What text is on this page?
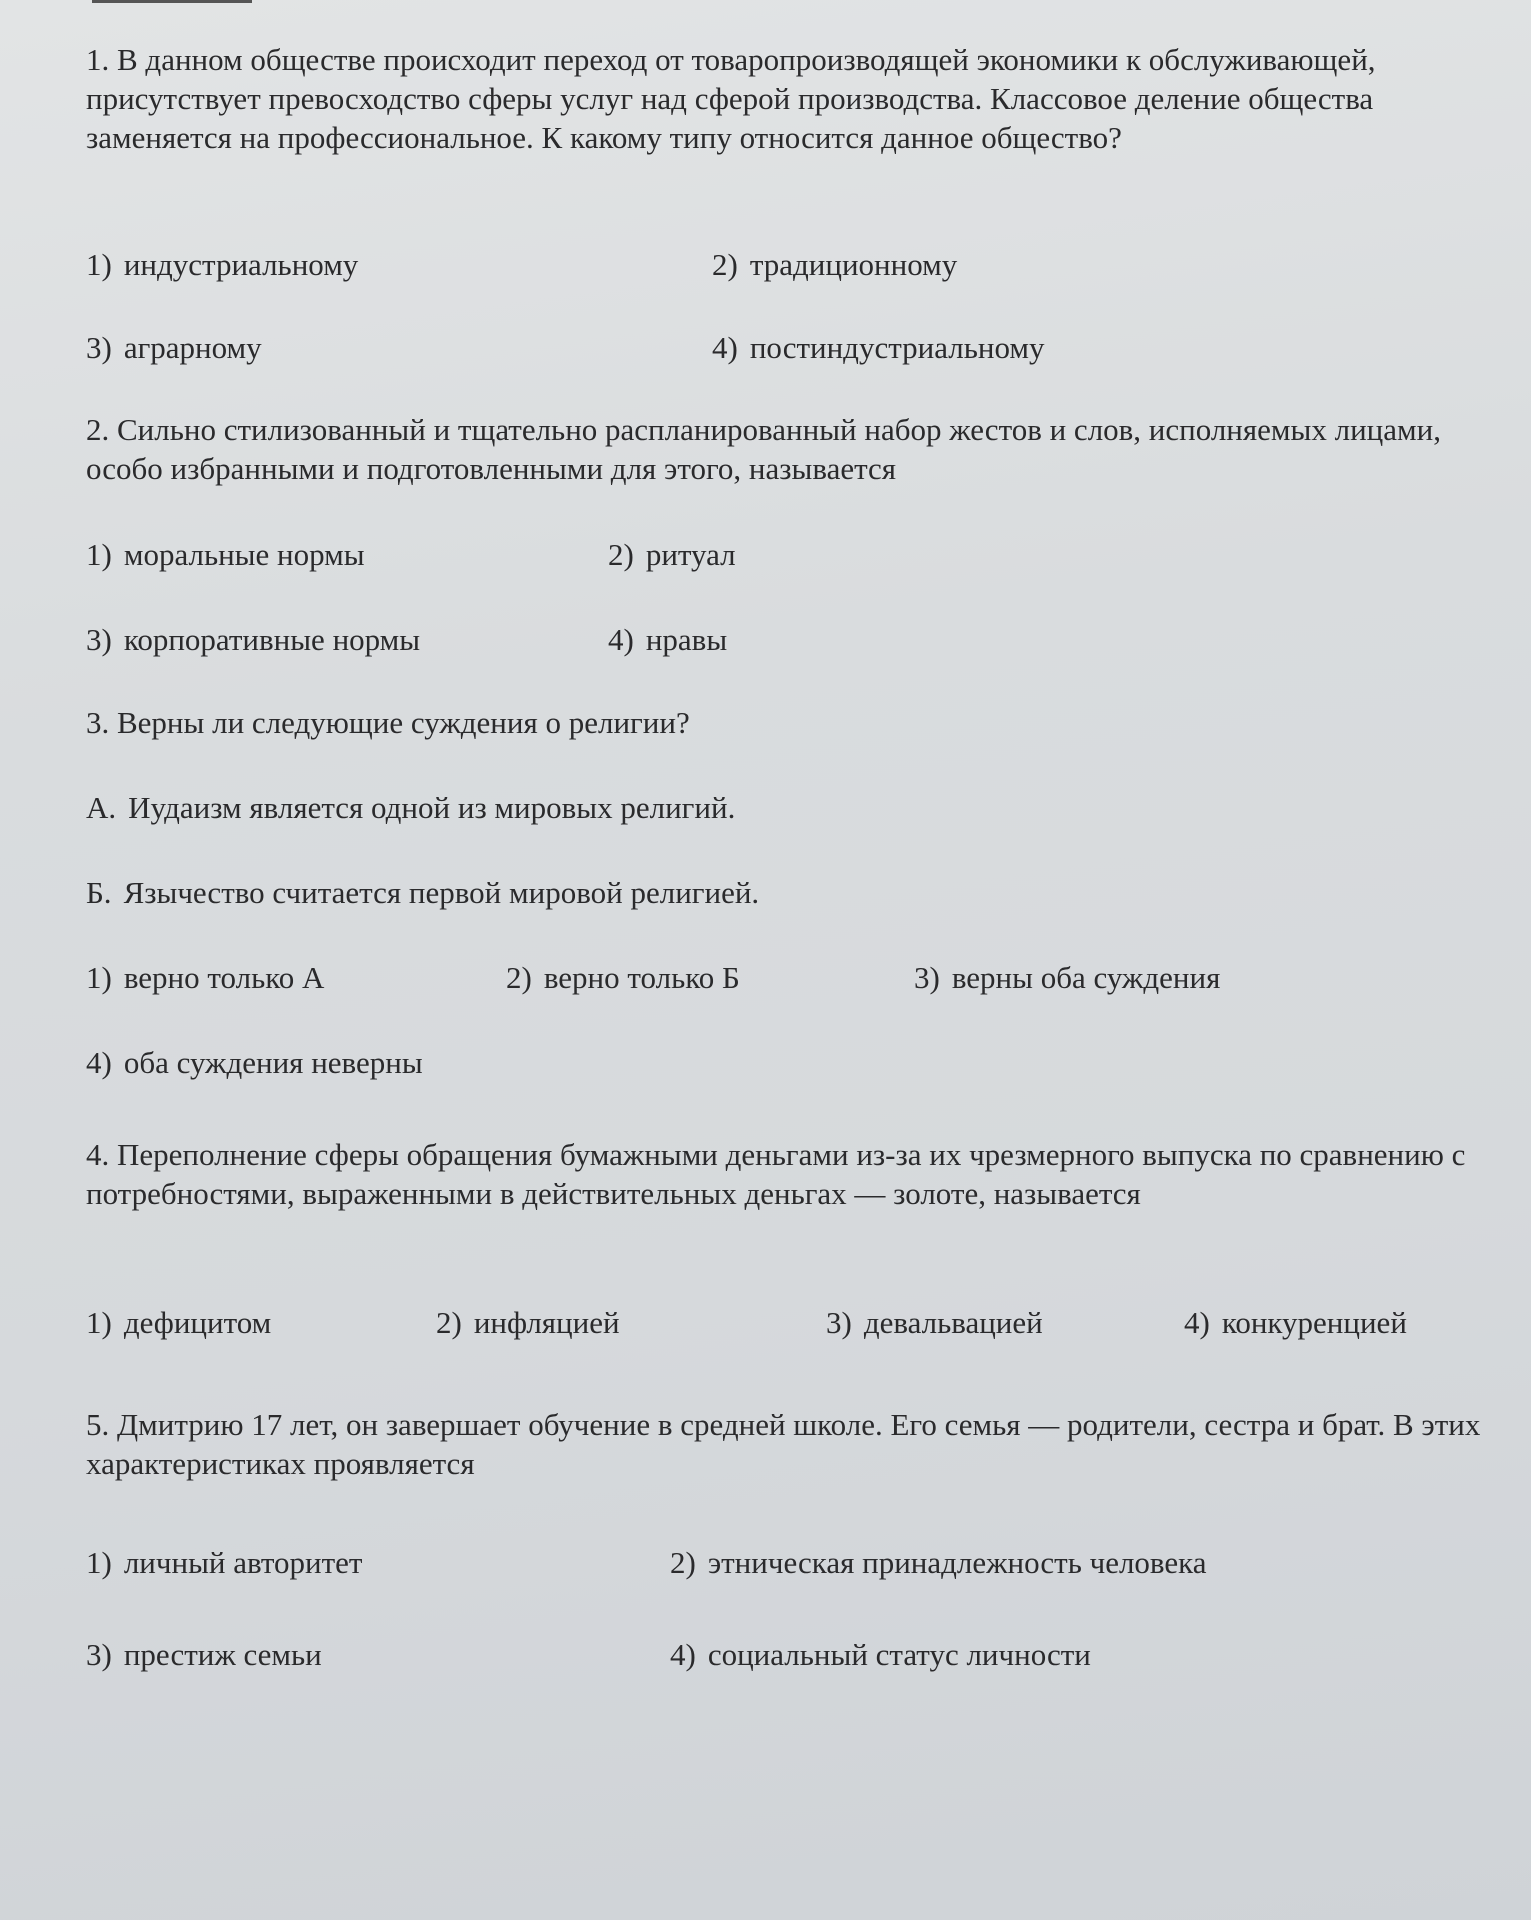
1. В данном обществе происходит переход от товаропроизводящей экономики к обслуживающей, присутствует превосходство сферы услуг над сферой производства. Классовое деление общества заменяется на профессиональное. К какому типу относится данное общество?

1) индустриальному	2) традиционному
3) аграрному	4) постиндустриальному

2. Сильно стилизованный и тщательно распланированный набор жестов и слов, исполняемых лицами, особо избранными и подготовленными для этого, называется

1) моральные нормы	2) ритуал
3) корпоративные нормы	4) нравы

3. Верны ли следующие суждения о религии?

А. Иудаизм является одной из мировых религий.
Б. Язычество считается первой мировой религией.
1) верно только А	2) верно только Б	3) верны оба суждения
4) оба суждения неверны

4. Переполнение сферы обращения бумажными деньгами из-за их чрезмерного выпуска по сравнению с потребностями, выраженными в действительных деньгах — золоте, называется

1) дефицитом	2) инфляцией	3) девальвацией	4) конкуренцией

5. Дмитрию 17 лет, он завершает обучение в средней школе. Его семья — родители, сестра и брат. В этих характеристиках проявляется

1) личный авторитет	2) этническая принадлежность человека
3) престиж семьи	4) социальный статус личности
